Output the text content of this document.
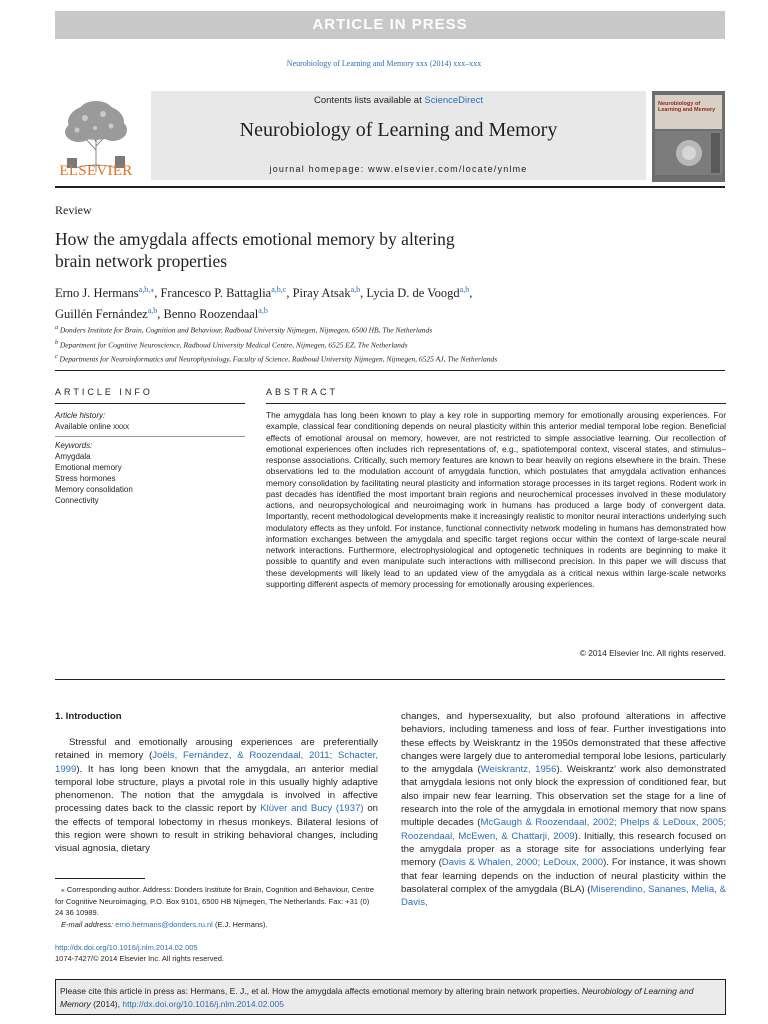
ARTICLE IN PRESS
Neurobiology of Learning and Memory xxx (2014) xxx–xxx
ELSEVIER
Contents lists available at ScienceDirect
Neurobiology of Learning and Memory
journal homepage: www.elsevier.com/locate/ynlme
Neurobiology of Learning and Memory
Review
How the amygdala affects emotional memory by altering
brain network properties
Erno J. Hermans$^{a,b,⁎}$, Francesco P. Battaglia$^{a,b,c}$, Piray Atsak$^{a,b}$, Lycia D. de Voogd$^{a,b}$,
Guillén Fernández$^{a,b}$, Benno Roozendaal$^{a,b}$
$^a$ Donders Institute for Brain, Cognition and Behaviour, Radboud University Nijmegen, Nijmegen, 6500 HB, The Netherlands
$^b$ Department for Cognitive Neuroscience, Radboud University Medical Centre, Nijmegen, 6525 EZ, The Netherlands
$^c$ Departments for Neuroinformatics and Neurophysiology, Faculty of Science, Radboud University Nijmegen, Nijmegen, 6525 AJ, The Netherlands
ARTICLE INFO	ABSTRACT
Article history:
Available online xxxx
Keywords:
Amygdala
Emotional memory
Stress hormones
Memory consolidation
Connectivity
The amygdala has long been known to play a key role in supporting memory for emotionally arousing experiences. For example, classical fear conditioning depends on neural plasticity within this anterior medial temporal lobe region. Beneficial effects of emotional arousal on memory, however, are not restricted to simple associative learning. Our recollection of emotional experiences often includes rich representations of, e.g., spatiotemporal context, visceral states, and stimulus–response associations. Critically, such memory features are known to bear heavily on regions elsewhere in the brain. These observations led to the modulation account of amygdala function, which postulates that amygdala activation enhances memory consolidation by facilitating neural plasticity and information storage processes in its target regions. Rodent work in past decades has identified the most important brain regions and neurochemical processes involved in these modulatory actions, and neuropsychological and neuroimaging work in humans has produced a large body of convergent data. Importantly, recent methodological developments make it increasingly realistic to monitor neural interactions underlying such modulatory effects as they unfold. For instance, functional connectivity network modeling in humans has demonstrated how information exchanges between the amygdala and specific target regions occur within the context of large-scale neural network interactions. Furthermore, electrophysiological and optogenetic techniques in rodents are beginning to make it possible to quantify and even manipulate such interactions with millisecond precision. In this paper we will discuss that these developments will likely lead to an updated view of the amygdala as a critical nexus within large-scale networks supporting different aspects of memory processing for emotionally arousing experiences.
© 2014 Elsevier Inc. All rights reserved.
1. Introduction
Stressful and emotionally arousing experiences are preferentially retained in memory (Joëls, Fernández, & Roozendaal, 2011; Schacter, 1999). It has long been known that the amygdala, an anterior medial temporal lobe structure, plays a pivotal role in this usually highly adaptive phenomenon. The notion that the amygdala is involved in affective processing dates back to the classic report by Klüver and Bucy (1937) on the effects of temporal lobectomy in rhesus monkeys. Bilateral lesions of this region were shown to result in striking behavioral changes, including visual agnosia, dietary
changes, and hypersexuality, but also profound alterations in affective behaviors, including tameness and loss of fear. Further investigations into these effects by Weiskrantz in the 1950s demonstrated that these affective changes were largely due to anteromedial temporal lobe lesions, particularly to the amygdala (Weiskrantz, 1956). Weiskrantz' work also demonstrated that amygdala lesions not only block the expression of conditioned fear, but also impair new fear learning. This observation set the stage for a line of research into the role of the amygdala in emotional memory that now spans multiple decades (McGaugh & Roozendaal, 2002; Phelps & LeDoux, 2005; Roozendaal, McEwen, & Chattarji, 2009). Initially, this research focused on the amygdala proper as a storage site for associations underlying fear memory (Davis & Whalen, 2000; LeDoux, 2000). For instance, it was shown that fear learning depends on the induction of neural plasticity within the basolateral complex of the amygdala (BLA) (Miserendino, Sananes, Melia, & Davis,
⁎ Corresponding author. Address: Donders Institute for Brain, Cognition and Behaviour, Centre for Cognitive Neuroimaging, P.O. Box 9101, 6500 HB Nijmegen, The Netherlands. Fax: +31 (0) 24 36 10989.
E-mail address: erno.hermans@donders.ru.nl (E.J. Hermans).
http://dx.doi.org/10.1016/j.nlm.2014.02.005
1074-7427/© 2014 Elsevier Inc. All rights reserved.
Please cite this article in press as: Hermans, E. J., et al. How the amygdala affects emotional memory by altering brain network properties. Neurobiology of Learning and Memory (2014), http://dx.doi.org/10.1016/j.nlm.2014.02.005
